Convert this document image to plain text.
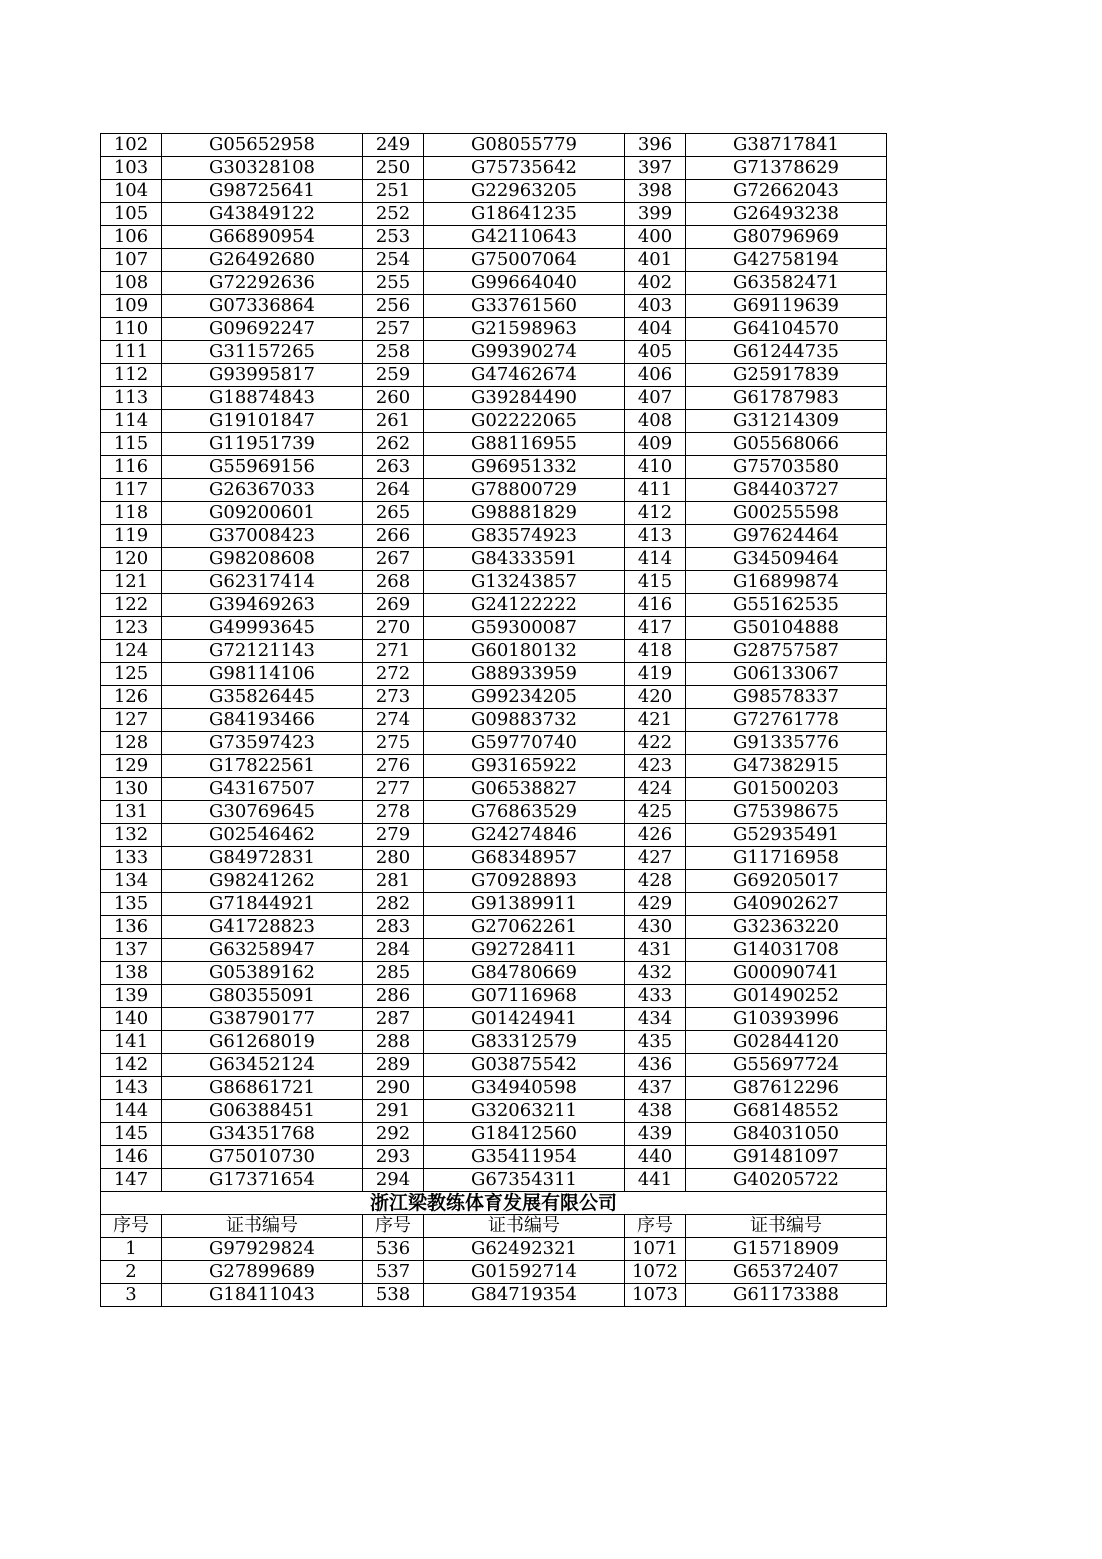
102	G05652958	249	G08055779	396	G38717841
103	G30328108	250	G75735642	397	G71378629
104	G98725641	251	G22963205	398	G72662043
105	G43849122	252	G18641235	399	G26493238
106	G66890954	253	G42110643	400	G80796969
107	G26492680	254	G75007064	401	G42758194
108	G72292636	255	G99664040	402	G63582471
109	G07336864	256	G33761560	403	G69119639
110	G09692247	257	G21598963	404	G64104570
111	G31157265	258	G99390274	405	G61244735
112	G93995817	259	G47462674	406	G25917839
113	G18874843	260	G39284490	407	G61787983
114	G19101847	261	G02222065	408	G31214309
115	G11951739	262	G88116955	409	G05568066
116	G55969156	263	G96951332	410	G75703580
117	G26367033	264	G78800729	411	G84403727
118	G09200601	265	G98881829	412	G00255598
119	G37008423	266	G83574923	413	G97624464
120	G98208608	267	G84333591	414	G34509464
121	G62317414	268	G13243857	415	G16899874
122	G39469263	269	G24122222	416	G55162535
123	G49993645	270	G59300087	417	G50104888
124	G72121143	271	G60180132	418	G28757587
125	G98114106	272	G88933959	419	G06133067
126	G35826445	273	G99234205	420	G98578337
127	G84193466	274	G09883732	421	G72761778
128	G73597423	275	G59770740	422	G91335776
129	G17822561	276	G93165922	423	G47382915
130	G43167507	277	G06538827	424	G01500203
131	G30769645	278	G76863529	425	G75398675
132	G02546462	279	G24274846	426	G52935491
133	G84972831	280	G68348957	427	G11716958
134	G98241262	281	G70928893	428	G69205017
135	G71844921	282	G91389911	429	G40902627
136	G41728823	283	G27062261	430	G32363220
137	G63258947	284	G92728411	431	G14031708
138	G05389162	285	G84780669	432	G00090741
139	G80355091	286	G07116968	433	G01490252
140	G38790177	287	G01424941	434	G10393996
141	G61268019	288	G83312579	435	G02844120
142	G63452124	289	G03875542	436	G55697724
143	G86861721	290	G34940598	437	G87612296
144	G06388451	291	G32063211	438	G68148552
145	G34351768	292	G18412560	439	G84031050
146	G75010730	293	G35411954	440	G91481097
147	G17371654	294	G67354311	441	G40205722
浙江梁教练体育发展有限公司					
序号	证书编号	序号	证书编号	序号	证书编号
1	G97929824	536	G62492321	1071	G15718909
2	G27899689	537	G01592714	1072	G65372407
3	G18411043	538	G84719354	1073	G61173388
